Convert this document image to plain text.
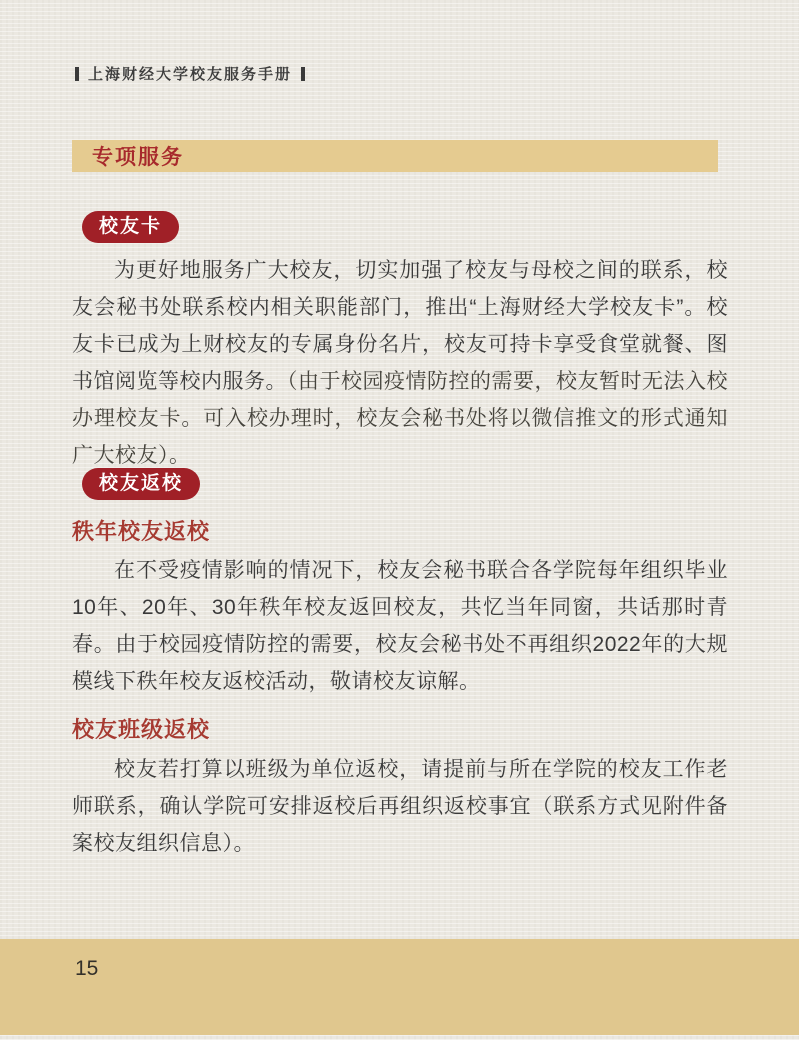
上海财经大学校友服务手册
专项服务
校友卡

为更好地服务广大校友，切实加强了校友与母校之间的联系，校友会秘书处联系校内相关职能部门，推出“上海财经大学校友卡”。校友卡已成为上财校友的专属身份名片，校友可持卡享受食堂就餐、图书馆阅览等校内服务。（由于校园疫情防控的需要，校友暂时无法入校办理校友卡。可入校办理时，校友会秘书处将以微信推文的形式通知广大校友）。

校友返校
秩年校友返校

在不受疫情影响的情况下，校友会秘书联合各学院每年组织毕业10年、20年、30年秩年校友返回校友，共忆当年同窗，共话那时青春。由于校园疫情防控的需要，校友会秘书处不再组织2022年的大规模线下秩年校友返校活动，敬请校友谅解。

校友班级返校

校友若打算以班级为单位返校，请提前与所在学院的校友工作老师联系，确认学院可安排返校后再组织返校事宜（联系方式见附件备案校友组织信息）。

15
